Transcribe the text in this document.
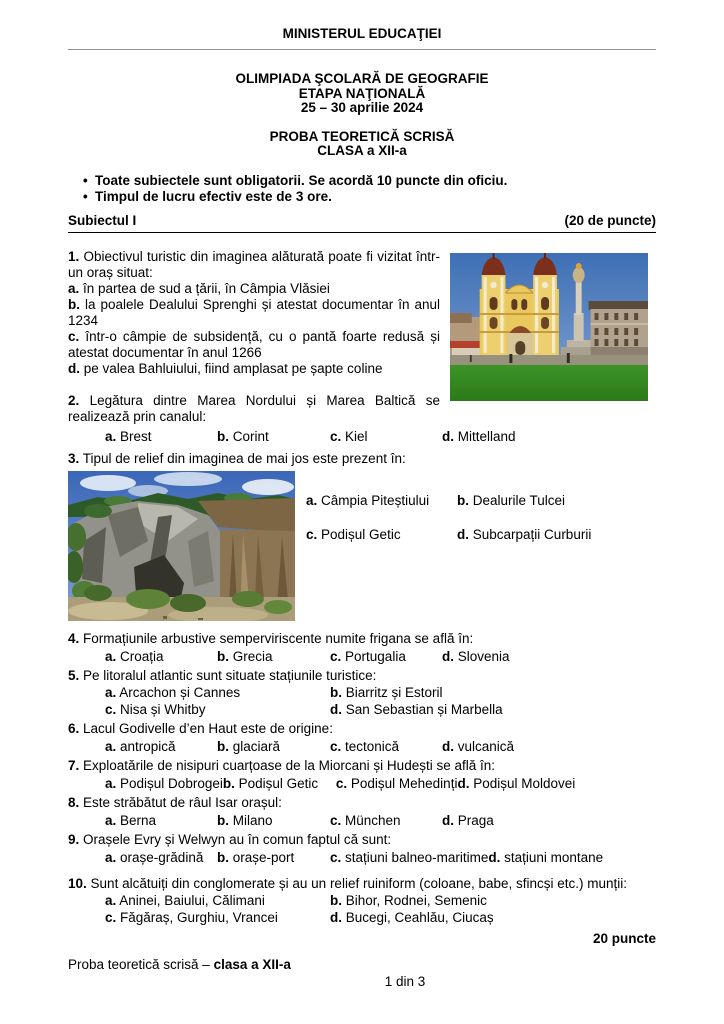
MINISTERUL EDUCAŢIEI
OLIMPIADA ŞCOLARĂ DE GEOGRAFIE
ETAPA NAŢIONALĂ
25 – 30 aprilie 2024
PROBA TEORETICĂ SCRISĂ
CLASA a XII-a
• Toate subiectele sunt obligatorii. Se acordă 10 puncte din oficiu.
• Timpul de lucru efectiv este de 3 ore.
Subiectul I	(20 de puncte)

1. Obiectivul turistic din imaginea alăturată poate fi vizitat într-un oraș situat:

a. în partea de sud a țării, în Câmpia Vlăsiei

b. la poalele Dealului Sprenghi și atestat documentar în anul 1234

c. într-o câmpie de subsidență, cu o pantă foarte redusă și atestat documentar în anul 1266

d. pe valea Bahluiului, fiind amplasat pe șapte coline

2. Legătura dintre Marea Nordului și Marea Baltică se realizează prin canalul:

a. Brest	b. Corint	c. Kiel	d. Mittelland

3. Tipul de relief din imaginea de mai jos este prezent în:

a. Câmpia Piteștiului	b. Dealurile Tulcei
c. Podișul Getic	d. Subcarpații Curburii

4. Formațiunile arbustive semperviriscente numite frigana se află în:

a. Croația	b. Grecia	c. Portugalia	d. Slovenia

5. Pe litoralul atlantic sunt situate stațiunile turistice:

a. Arcachon și Cannes	b. Biarritz și Estoril
c. Nisa și Whitby	d. San Sebastian și Marbella

6. Lacul Godivelle d’en Haut este de origine:

a. antropică	b. glaciară	c. tectonică	d. vulcanică

7. Exploatările de nisipuri cuarțoase de la Miorcani și Hudești se află în:

a. Podișul Dobrogei b. Podișul Getic	c. Podișul Mehedinți d. Podișul Moldovei

8. Este străbătut de râul Isar orașul:

a. Berna	b. Milano	c. München	d. Praga

9. Orașele Evry și Welwyn au în comun faptul că sunt:

a. orașe-grădină	b. orașe-port	c. stațiuni balneo-maritime d. stațiuni montane

10. Sunt alcătuiți din conglomerate și au un relief ruiniform (coloane, babe, sfincși etc.) munții:

a. Aninei, Baiului, Călimani	b. Bihor, Rodnei, Semenic
c. Făgăraș, Gurghiu, Vrancei	d. Bucegi, Ceahlău, Ciucaș
20 puncte
Proba teoretică scrisă – clasa a XII-a
1 din 3
